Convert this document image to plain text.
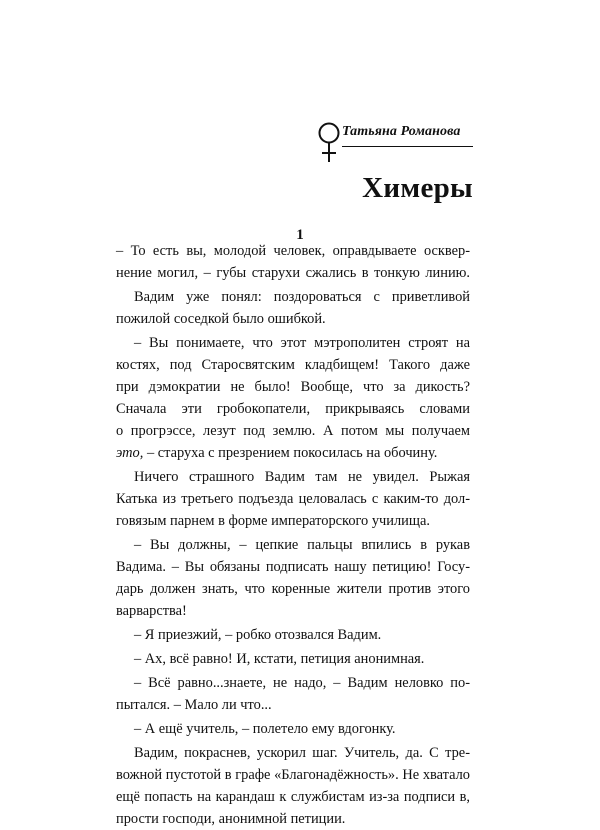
Татьяна Романова
Химеры
1
– То есть вы, молодой человек, оправдываете осквер-
нение могил, – губы старухи сжались в тонкую линию.
Вадим уже понял: поздороваться с приветливой
пожилой соседкой было ошибкой.
– Вы понимаете, что этот мэтрополитен строят на
костях, под Старосвятским кладбищем! Такого даже
при дэмократии не было! Вообще, что за дикость?
Сначала эти гробокопатели, прикрываясь словами
о прогрэссе, лезут под землю. А потом мы получаем
это, – старуха с презрением покосилась на обочину.
Ничего страшного Вадим там не увидел. Рыжая
Катька из третьего подъезда целовалась с каким-то дол-
говязым парнем в форме императорского училища.
– Вы должны, – цепкие пальцы впились в рукав
Вадима. – Вы обязаны подписать нашу петицию! Госу-
дарь должен знать, что коренные жители против этого
варварства!
– Я приезжий, – робко отозвался Вадим.
– Ах, всё равно! И, кстати, петиция анонимная.
– Всё равно...знаете, не надо, – Вадим неловко по-
пытался. – Мало ли что...
– А ещё учитель, – полетело ему вдогонку.
Вадим, покраснев, ускорил шаг. Учитель, да. С тре-
вожной пустотой в графе «Благонадёжность». Не хватало
ещё попасть на карандаш к службистам из-за подписи в,
прости господи, анонимной петиции.
